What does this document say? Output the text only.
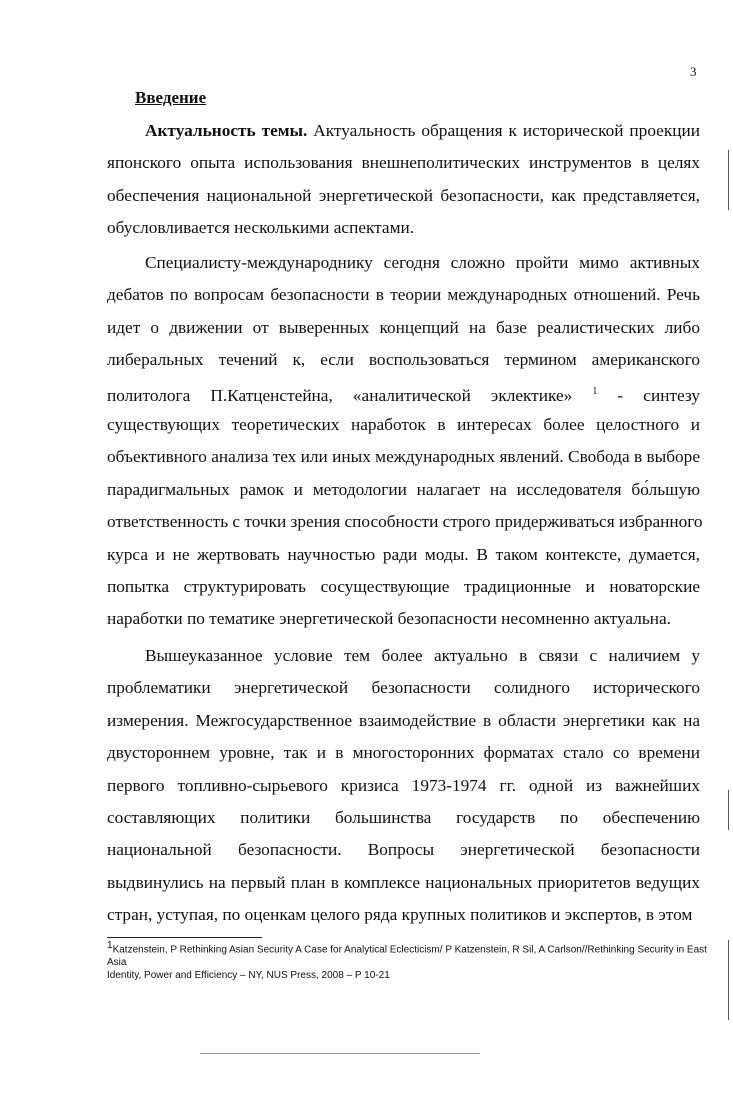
3
Введение
Актуальность темы. Актуальность обращения к исторической проекции
японского опыта использования внешнеполитических инструментов в целях
обеспечения национальной энергетической безопасности, как представляется,
обусловливается несколькими аспектами.
Специалисту-международнику сегодня сложно пройти мимо активных
дебатов по вопросам безопасности в теории международных отношений. Речь
идет о движении от выверенных концепций на базе реалистических либо
либеральных течений к, если воспользоваться термином американского
политолога П.Катценстейна, «аналитической эклектике» $^1$ - синтезу
существующих теоретических наработок в интересах более целостного и
объективного анализа тех или иных международных явлений. Свобода в выборе
парадигмальных рамок и методологии налагает на исследователя бо́льшую
ответственность с точки зрения способности строго придерживаться избранного
курса и не жертвовать научностью ради моды. В таком контексте, думается,
попытка структурировать сосуществующие традиционные и новаторские
наработки по тематике энергетической безопасности несомненно актуальна.
Вышеуказанное условие тем более актуально в связи с наличием у
проблематики энергетической безопасности солидного исторического
измерения. Межгосударственное взаимодействие в области энергетики как на
двустороннем уровне, так и в многосторонних форматах стало со времени
первого топливно-сырьевого кризиса 1973-1974 гг. одной из важнейших
составляющих политики большинства государств по обеспечению
национальной безопасности. Вопросы энергетической безопасности
выдвинулись на первый план в комплексе национальных приоритетов ведущих
стран, уступая, по оценкам целого ряда крупных политиков и экспертов, в этом
$^1$Katzenstein, P Rethinking Asian Security A Case for Analytical Eclecticism/ P Katzenstein, R Sil, A Carlson//Rethinking Security in East Asia
Identity, Power and Efficiency – NY, NUS Press, 2008 – P 10-21
